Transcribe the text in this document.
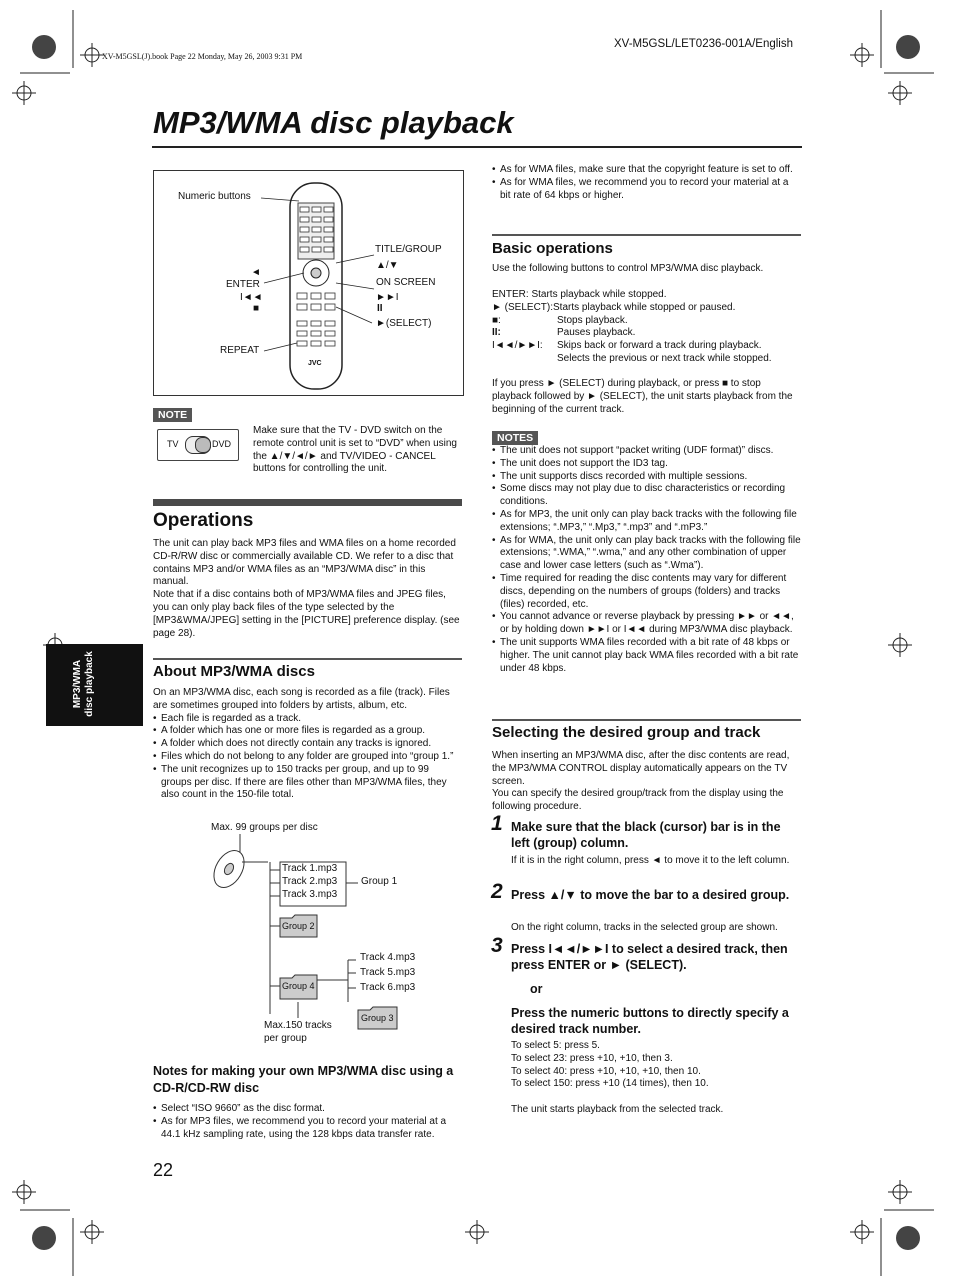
XV-M5GSL(J).book Page 22 Monday, May 26, 2003 9:31 PM
XV-M5GSL/LET0236-001A/English
MP3/WMA disc playback
MP3/WMA disc playback
Numeric buttons
TITLE/GROUP
▲/▼
◄
ENTER	ON SCREEN
I◄◄	►►I
■	II
►(SELECT)
REPEAT
JVC
NOTE
TV	DVD
Make sure that the TV - DVD switch on the remote control unit is set to “DVD” when using the ▲/▼/◄/► and TV/VIDEO - CANCEL buttons for controlling the unit.
Operations
The unit can play back MP3 files and WMA files on a home recorded CD-R/RW disc or commercially available CD. We refer to a disc that contains MP3 and/or WMA files as an “MP3/WMA disc” in this manual.
Note that if a disc contains both of MP3/WMA files and JPEG files, you can only play back files of the type selected by the [MP3&WMA/JPEG] setting in the [PICTURE] preference display. (see page 28).
About MP3/WMA discs
On an MP3/WMA disc, each song is recorded as a file (track). Files are sometimes grouped into folders by artists, album, etc.
• Each file is regarded as a track.
• A folder which has one or more files is regarded as a group.
• A folder which does not directly contain any tracks is ignored.
• Files which do not belong to any folder are grouped into “group 1.”
• The unit recognizes up to 150 tracks per group, and up to 99 groups per disc. If there are files other than MP3/WMA files, they also count in the 150-file total.
Max. 99 groups per disc
Track 1.mp3
Track 2.mp3
Track 3.mp3
Group 1
Group 2
Group 4
Track 4.mp3
Track 5.mp3
Track 6.mp3
Group 3
Max.150 tracks
per group
Notes for making your own MP3/WMA disc using a CD-R/CD-RW disc
• Select “ISO 9660” as the disc format.
• As for MP3 files, we recommend you to record your material at a 44.1 kHz sampling rate, using the 128 kbps data transfer rate.
• As for WMA files, make sure that the copyright feature is set to off.
• As for WMA files, we recommend you to record your material at a bit rate of 64 kbps or higher.
Basic operations
Use the following buttons to control MP3/WMA disc playback.
ENTER:
Starts playback while stopped.
► (SELECT): Starts playback while stopped or paused.
■:	Stops playback.
II:	Pauses playback.
I◄◄/►►I:	Skips back or forward a track during playback.
Selects the previous or next track while stopped.
If you press ► (SELECT) during playback, or press ■ to stop playback followed by ► (SELECT), the unit starts playback from the beginning of the current track.
NOTES
• The unit does not support “packet writing (UDF format)” discs.
• The unit does not support the ID3 tag.
• The unit supports discs recorded with multiple sessions.
• Some discs may not play due to disc characteristics or recording conditions.
• As for MP3, the unit only can play back tracks with the following file extensions; “.MP3,” “.Mp3,” “.mp3” and “.mP3.”
• As for WMA, the unit only can play back tracks with the following file extensions; “.WMA,” “.wma,” and any other combination of upper case and lower case letters (such as “.Wma”).
• Time required for reading the disc contents may vary for different discs, depending on the numbers of groups (folders) and tracks (files) recorded, etc.
• You cannot advance or reverse playback by pressing ►► or ◄◄, or by holding down ►►I or I◄◄ during MP3/WMA disc playback.
• The unit supports WMA files recorded with a bit rate of 48 kbps or higher. The unit cannot play back WMA files recorded with a bit rate under 48 kbps.
Selecting the desired group and track
When inserting an MP3/WMA disc, after the disc contents are read, the MP3/WMA CONTROL display automatically appears on the TV screen.
You can specify the desired group/track from the display using the following procedure.
1 Make sure that the black (cursor) bar is in the left (group) column.
If it is in the right column, press ◄ to move it to the left column.
2 Press ▲/▼ to move the bar to a desired group.
On the right column, tracks in the selected group are shown.
3 Press I◄◄/►►I to select a desired track, then press ENTER or ► (SELECT).
or
Press the numeric buttons to directly specify a desired track number.
To select 5: press 5.
To select 23: press +10, +10, then 3.
To select 40: press +10, +10, +10, then 10.
To select 150: press +10 (14 times), then 10.
The unit starts playback from the selected track.
22
